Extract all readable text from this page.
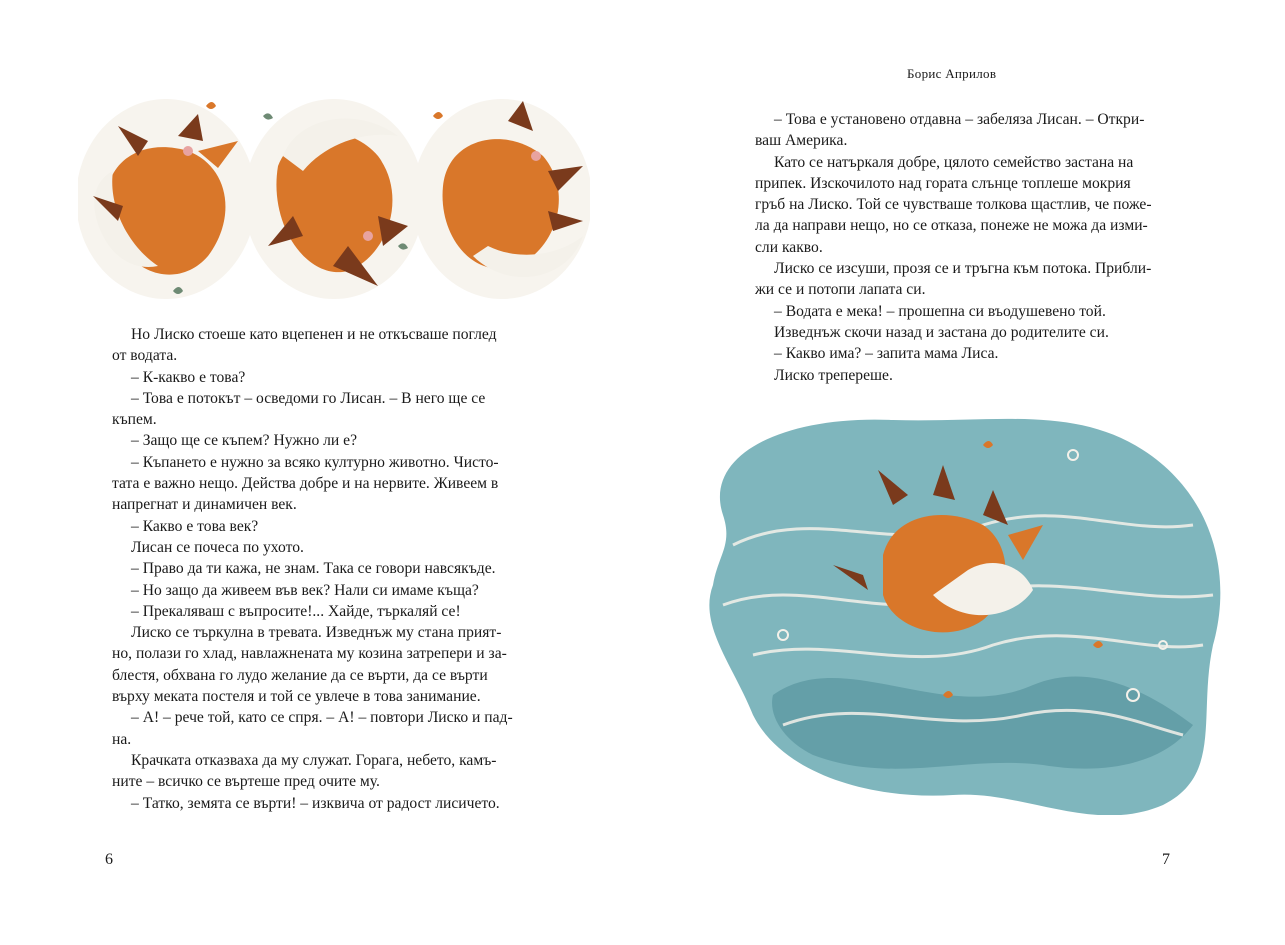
Но Лиско стоеше като вцепенен и не откъсваше поглед

от водата.

– К-какво е това?

– Това е потокът – осведоми го Лисан. – В него ще се

къпем.

– Защо ще се къпем? Нужно ли е?

– Къпането е нужно за всяко културно животно. Чисто-

тата е важно нещо. Действа добре и на нервите. Живеем в

напрегнат и динамичен век.

– Какво е това век?

Лисан се почеса по ухото.

– Право да ти кажа, не знам. Така се говори навсякъде.

– Но защо да живеем във век? Нали си имаме къща?

– Прекаляваш с въпросите!... Хайде, търкаляй се!

Лиско се търкулна в тревата. Изведнъж му стана прият-

но, полази го хлад, навлажнената му козина затрепери и за-

блестя, обхвана го лудо желание да се върти, да се върти

върху меката постеля и той се увлече в това занимание.

– А! – рече той, като се спря. – А! – повтори Лиско и пад-

на.

Крачката отказваха да му служат. Горага, небето, камъ-

ните – всичко се въртеше пред очите му.

– Татко, земята се върти! – изквича от радост лисичето.

6
Борис Априлов

– Това е установено отдавна – забеляза Лисан. – Откри-

ваш Америка.

Като се натъркаля добре, цялото семейство застана на

припек. Изскочилото над гората слънце топлеше мокрия

гръб на Лиско. Той се чувстваше толкова щастлив, че поже-

ла да направи нещо, но се отказа, понеже не можа да изми-

сли какво.

Лиско се изсуши, прозя се и тръгна към потока. Прибли-

жи се и потопи лапата си.

– Водата е мека! – прошепна си въодушевено той.

Изведнъж скочи назад и застана до родителите си.

– Какво има? – запита мама Лиса.

Лиско трепереше.

7
